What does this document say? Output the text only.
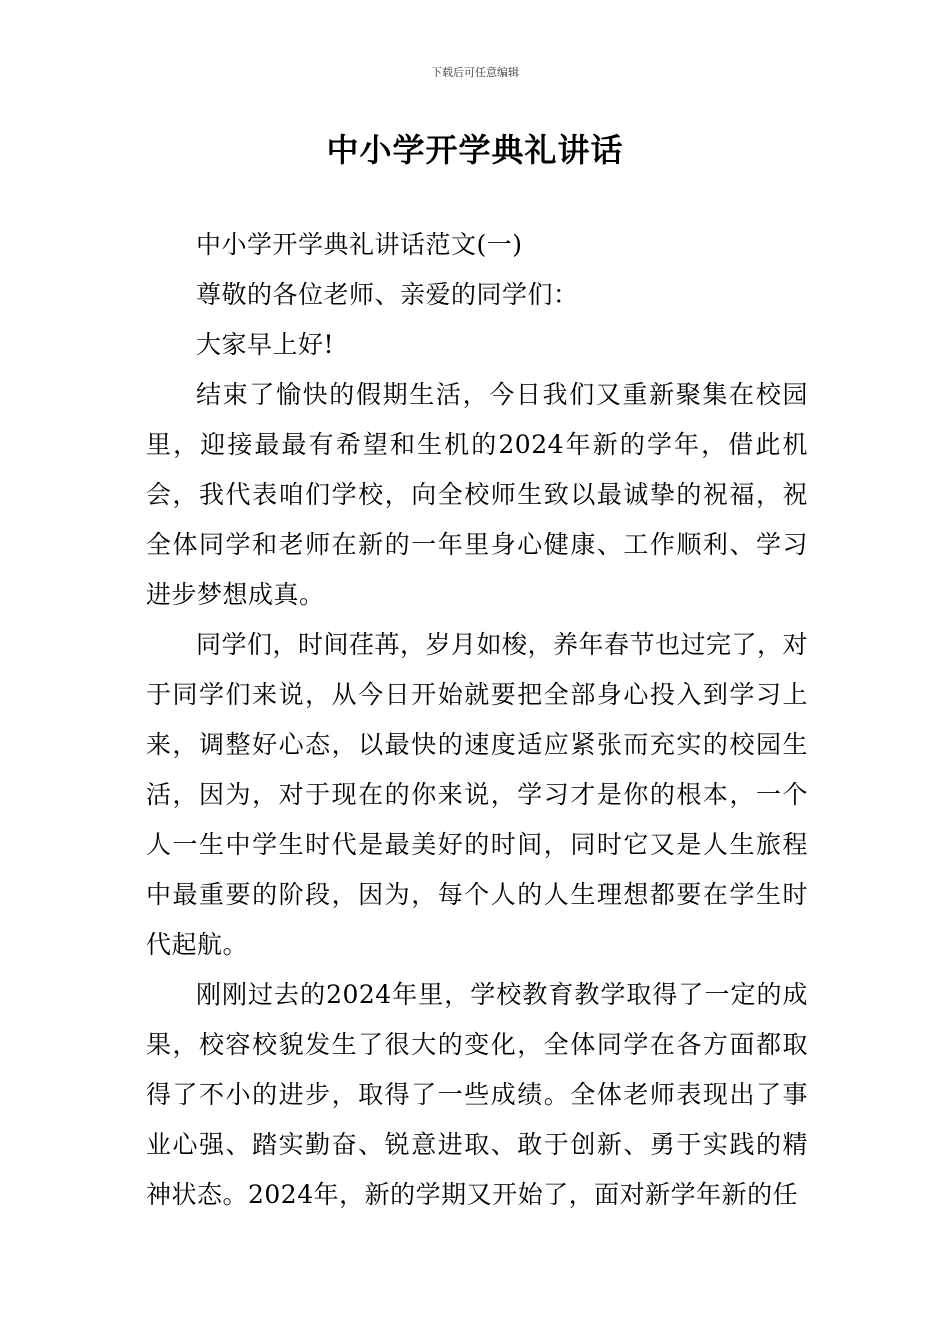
下载后可任意编辑
中小学开学典礼讲话

中小学开学典礼讲话范文(一)

尊敬的各位老师、亲爱的同学们：

大家早上好!

结束了愉快的假期生活，今日我们又重新聚集在校园里，迎接最最有希望和生机的2024年新的学年，借此机会，我代表咱们学校，向全校师生致以最诚挚的祝福，祝全体同学和老师在新的一年里身心健康、工作顺利、学习进步梦想成真。

同学们，时间荏苒，岁月如梭，养年春节也过完了，对于同学们来说，从今日开始就要把全部身心投入到学习上来，调整好心态，以最快的速度适应紧张而充实的校园生活，因为，对于现在的你来说，学习才是你的根本，一个人一生中学生时代是最美好的时间，同时它又是人生旅程中最重要的阶段，因为，每个人的人生理想都要在学生时代起航。

刚刚过去的2024年里，学校教育教学取得了一定的成果，校容校貌发生了很大的变化，全体同学在各方面都取得了不小的进步，取得了一些成绩。全体老师表现出了事业心强、踏实勤奋、锐意进取、敢于创新、勇于实践的精神状态。2024年，新的学期又开始了，面对新学年新的任
